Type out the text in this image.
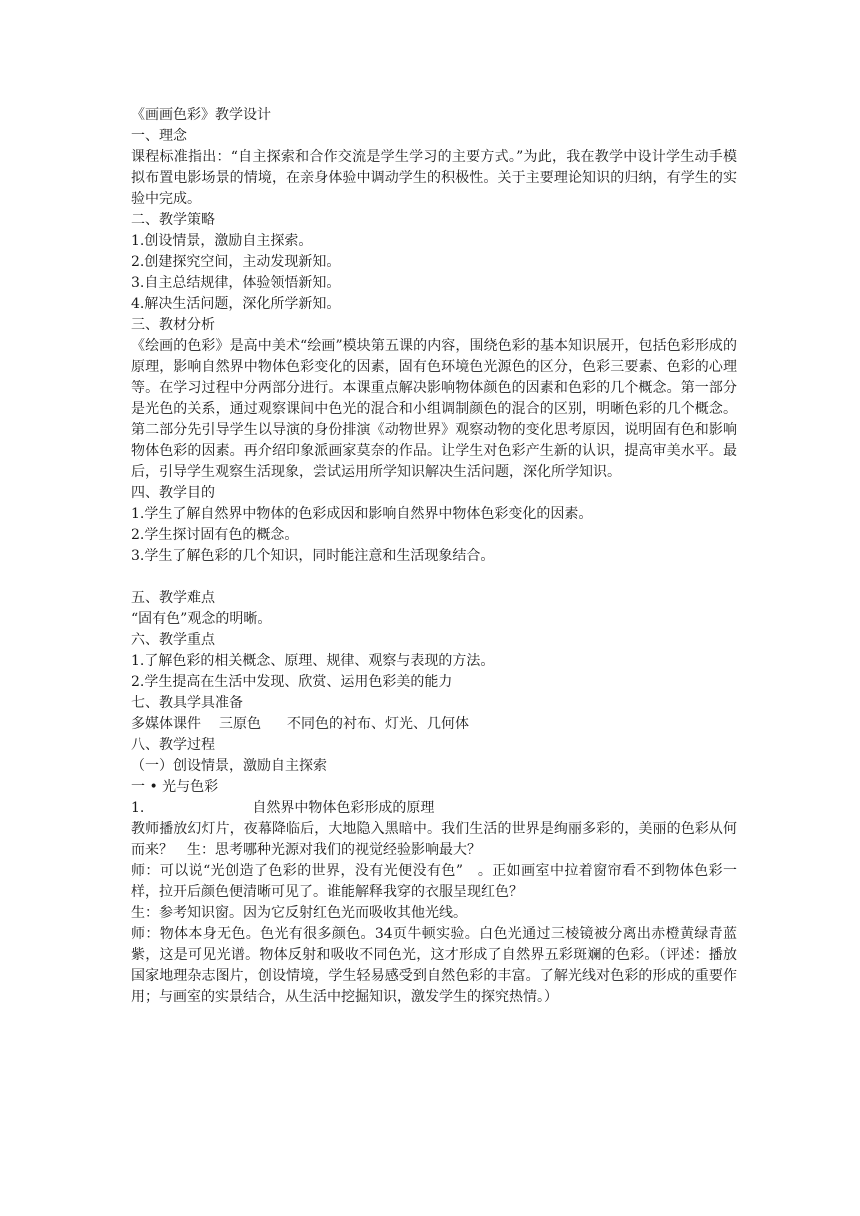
《画画色彩》教学设计

一、理念

课程标准指出：“自主探索和合作交流是学生学习的主要方式。”为此，我在教学中设计学生动手模拟布置电影场景的情境，在亲身体验中调动学生的积极性。关于主要理论知识的归纳，有学生的实验中完成。

二、教学策略

1.创设情景，激励自主探索。

2.创建探究空间，主动发现新知。

3.自主总结规律，体验领悟新知。

4.解决生活问题，深化所学新知。

三、教材分析

《绘画的色彩》是高中美术“绘画”模块第五课的内容，围绕色彩的基本知识展开，包括色彩形成的原理，影响自然界中物体色彩变化的因素，固有色环境色光源色的区分，色彩三要素、色彩的心理等。在学习过程中分两部分进行。本课重点解决影响物体颜色的因素和色彩的几个概念。第一部分是光色的关系，通过观察课间中色光的混合和小组调制颜色的混合的区别，明晰色彩的几个概念。第二部分先引导学生以导演的身份排演《动物世界》观察动物的变化思考原因，说明固有色和影响物体色彩的因素。再介绍印象派画家莫奈的作品。让学生对色彩产生新的认识，提高审美水平。最后，引导学生观察生活现象，尝试运用所学知识解决生活问题，深化所学知识。

四、教学目的

1.学生了解自然界中物体的色彩成因和影响自然界中物体色彩变化的因素。

2.学生探讨固有色的概念。

3.学生了解色彩的几个知识，同时能注意和生活现象结合。

五、教学难点

“固有色”观念的明晰。

六、教学重点

1.了解色彩的相关概念、原理、规律、观察与表现的方法。

2.学生提高在生活中发现、欣赏、运用色彩美的能力

七、教具学具准备

多媒体课件 三原色 不同色的衬布、灯光、几何体

八、教学过程

（一）创设情景，激励自主探索

一 • 光与色彩

1.	自然界中物体色彩形成的原理

教师播放幻灯片，夜幕降临后，大地隐入黑暗中。我们生活的世界是绚丽多彩的，美丽的色彩从何而来？　生：思考哪种光源对我们的视觉经验影响最大？

师：可以说“光创造了色彩的世界，没有光便没有色”　。正如画室中拉着窗帘看不到物体色彩一样，拉开后颜色便清晰可见了。谁能解释我穿的衣服呈现红色？

生：参考知识窗。因为它反射红色光而吸收其他光线。

师：物体本身无色。色光有很多颜色。34页牛顿实验。白色光通过三棱镜被分离出赤橙黄绿青蓝紫，这是可见光谱。物体反射和吸收不同色光，这才形成了自然界五彩斑斓的色彩。（评述：播放国家地理杂志图片，创设情境，学生轻易感受到自然色彩的丰富。了解光线对色彩的形成的重要作用；与画室的实景结合，从生活中挖掘知识，激发学生的探究热情。）
